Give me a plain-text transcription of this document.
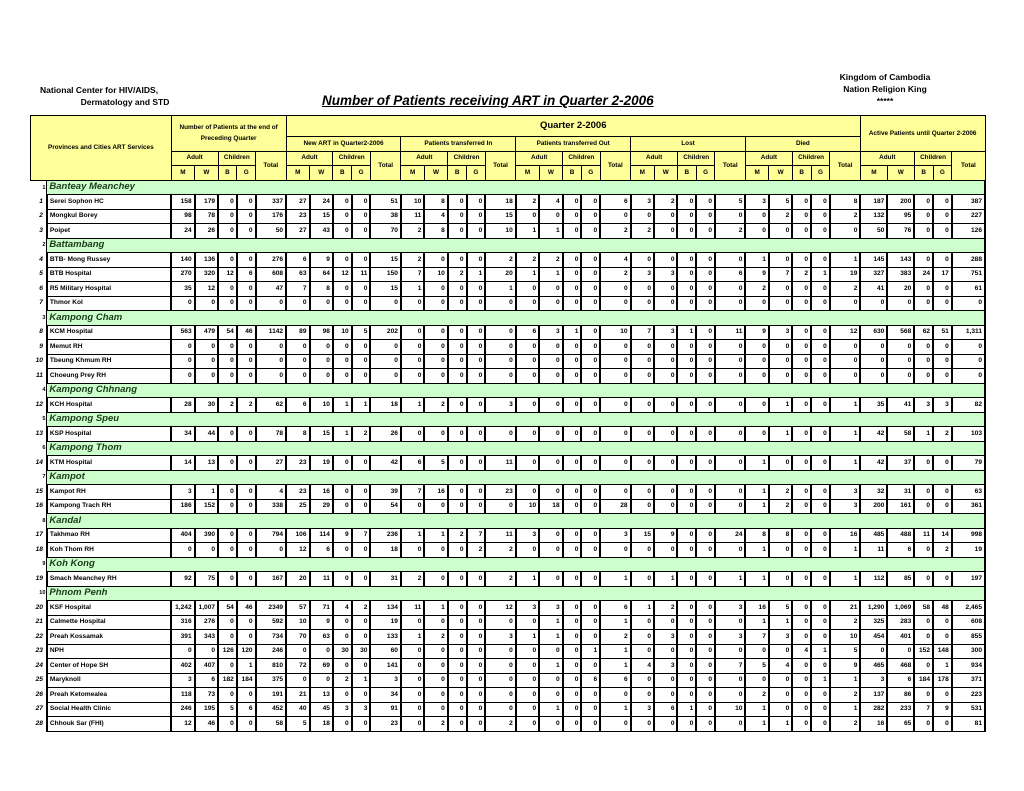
National Center for HIV/AIDS,
Dermatology and STD	Number of Patients receiving ART in Quarter 2-2006
Kingdom of Cambodia
Nation Religion King
*****
Provinces and Cities ART Services		Number of Patients at the end of Preceding Quarter					Quarter 2-2006																									Active Patients until Quarter 2-2006				
							New ART in Quarter2-2006					Patients transferred In					Patients transferred Out					Lost					Died									
		Adult		Children		Total	Adult		Children		Total	Adult		Children		Total	Adult		Children		Total	Adult		Children		Total	Adult		Children		Total	Adult		Children		Total
		M	W	B	G		M	W	B	G		M	W	B	G		M	W	B	G		M	W	B	G		M	W	B	G		M	W	B	G	
1	Banteay Meanchey																																			
1	Serei Sophon HC	158	179	0	0	337	27	24	0	0	51	10	8	0	0	18	2	4	0	0	6	3	2	0	0	5	3	5	0	0	8	187	200	0	0	387
2	Mongkul Borey	98	78	0	0	176	23	15	0	0	38	11	4	0	0	15	0	0	0	0	0	0	0	0	0	0	0	2	0	0	2	132	95	0	0	227
3	Poipet	24	26	0	0	50	27	43	0	0	70	2	8	0	0	10	1	1	0	0	2	2	0	0	0	2	0	0	0	0	0	50	76	0	0	126
2	Battambang																																			
4	BTB- Mong Russey	140	136	0	0	276	6	9	0	0	15	2	0	0	0	2	2	2	0	0	4	0	0	0	0	0	1	0	0	0	1	145	143	0	0	288
5	BTB Hospital	270	320	12	6	608	63	64	12	11	150	7	10	2	1	20	1	1	0	0	2	3	3	0	0	6	9	7	2	1	19	327	383	24	17	751
6	R5 Military Hospital	35	12	0	0	47	7	8	0	0	15	1	0	0	0	1	0	0	0	0	0	0	0	0	0	0	2	0	0	0	2	41	20	0	0	61
7	Thmor Kol	0	0	0	0	0	0	0	0	0	0	0	0	0	0	0	0	0	0	0	0	0	0	0	0	0	0	0	0	0	0	0	0	0	0	0
3	Kampong Cham																																			
8	KCM Hospital	563	479	54	46	1142	89	98	10	5	202	0	0	0	0	0	6	3	1	0	10	7	3	1	0	11	9	3	0	0	12	630	568	62	51	1,311
9	Memut RH	0	0	0	0	0	0	0	0	0	0	0	0	0	0	0	0	0	0	0	0	0	0	0	0	0	0	0	0	0	0	0	0	0	0	0
10	Tbeung Khmum RH	0	0	0	0	0	0	0	0	0	0	0	0	0	0	0	0	0	0	0	0	0	0	0	0	0	0	0	0	0	0	0	0	0	0	0
11	Choeung Prey RH	0	0	0	0	0	0	0	0	0	0	0	0	0	0	0	0	0	0	0	0	0	0	0	0	0	0	0	0	0	0	0	0	0	0	0
4	Kampong Chhnang																																			
12	KCH Hospital	28	30	2	2	62	6	10	1	1	18	1	2	0	0	3	0	0	0	0	0	0	0	0	0	0	0	1	0	0	1	35	41	3	3	82
5	Kampong Speu																																			
13	KSP Hospital	34	44	0	0	78	8	15	1	2	26	0	0	0	0	0	0	0	0	0	0	0	0	0	0	0	0	1	0	0	1	42	58	1	2	103
6	Kampong Thom																																			
14	KTM Hospital	14	13	0	0	27	23	19	0	0	42	6	5	0	0	11	0	0	0	0	0	0	0	0	0	0	1	0	0	0	1	42	37	0	0	79
7	Kampot																																			
15	Kampot RH	3	1	0	0	4	23	16	0	0	39	7	16	0	0	23	0	0	0	0	0	0	0	0	0	0	1	2	0	0	3	32	31	0	0	63
16	Kampong Trach RH	186	152	0	0	338	25	29	0	0	54	0	0	0	0	0	10	18	0	0	28	0	0	0	0	0	1	2	0	0	3	200	161	0	0	361
8	Kandal																																			
17	Takhmao RH	404	390	0	0	794	106	114	9	7	236	1	1	2	7	11	3	0	0	0	3	15	9	0	0	24	8	8	0	0	16	485	488	11	14	998
18	Koh Thom RH	0	0	0	0	0	12	6	0	0	18	0	0	0	2	2	0	0	0	0	0	0	0	0	0	0	1	0	0	0	1	11	6	0	2	19
9	Koh Kong																																			
19	Smach Meanchey RH	92	75	0	0	167	20	11	0	0	31	2	0	0	0	2	1	0	0	0	1	0	1	0	0	1	1	0	0	0	1	112	85	0	0	197
10	Phnom Penh																																			
20	KSF Hospital	1,242	1,007	54	46	2349	57	71	4	2	134	11	1	0	0	12	3	3	0	0	6	1	2	0	0	3	16	5	0	0	21	1,290	1,069	58	48	2,465
21	Calmette Hospital	316	276	0	0	592	10	9	0	0	19	0	0	0	0	0	0	1	0	0	1	0	0	0	0	0	1	1	0	0	2	325	283	0	0	608
22	Preah Kossamak	391	343	0	0	734	70	63	0	0	133	1	2	0	0	3	1	1	0	0	2	0	3	0	0	3	7	3	0	0	10	454	401	0	0	855
23	NPH	0	0	126	120	246	0	0	30	30	60	0	0	0	0	0	0	0	0	1	1	0	0	0	0	0	0	0	4	1	5	0	0	152	148	300
24	Center of Hope SH	402	407	0	1	810	72	69	0	0	141	0	0	0	0	0	0	1	0	0	1	4	3	0	0	7	5	4	0	0	9	465	468	0	1	934
25	Maryknoll	3	6	182	184	375	0	0	2	1	3	0	0	0	0	0	0	0	0	6	6	0	0	0	0	0	0	0	0	1	1	3	6	184	178	371
26	Preah Ketomealea	118	73	0	0	191	21	13	0	0	34	0	0	0	0	0	0	0	0	0	0	0	0	0	0	0	2	0	0	0	2	137	86	0	0	223
27	Social Health Clinic	246	195	5	6	452	40	45	3	3	91	0	0	0	0	0	0	1	0	0	1	3	6	1	0	10	1	0	0	0	1	282	233	7	9	531
28	Chhouk Sar (FHI)	12	46	0	0	58	5	18	0	0	23	0	2	0	0	2	0	0	0	0	0	0	0	0	0	0	1	1	0	0	2	16	65	0	0	81
